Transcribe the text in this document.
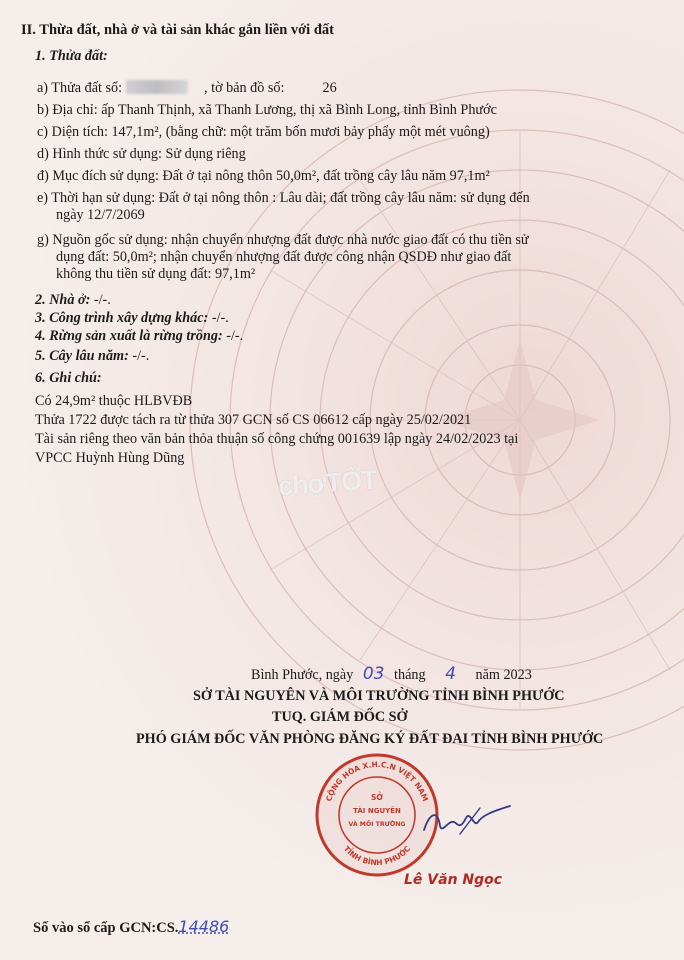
chợTỐT
II. Thừa đất, nhà ở và tài sản khác gắn liền với đất
1. Thửa đất:
a) Thửa đất số:	, tờ bản đồ số:	26
b) Địa chỉ: ấp Thanh Thịnh, xã Thanh Lương, thị xã Bình Long, tỉnh Bình Phước
c) Diện tích: 147,1m², (bằng chữ: một trăm bốn mươi bảy phẩy một mét vuông)
d) Hình thức sử dụng: Sử dụng riêng
đ) Mục đích sử dụng: Đất ở tại nông thôn 50,0m², đất trồng cây lâu năm 97,1m²
e) Thời hạn sử dụng: Đất ở tại nông thôn : Lâu dài; đất trồng cây lâu năm: sử dụng đến
ngày 12/7/2069
g) Nguồn gốc sử dụng: nhận chuyển nhượng đất được nhà nước giao đất có thu tiền sử
dụng đất: 50,0m²; nhận chuyển nhượng đất được công nhận QSDĐ như giao đất
không thu tiền sử dụng đất: 97,1m²
2. Nhà ở: -/-.
3. Công trình xây dựng khác: -/-.
4. Rừng sản xuất là rừng trồng: -/-.
5. Cây lâu năm: -/-.
6. Ghi chú:
Có 24,9m² thuộc HLBVĐB
Thửa 1722 được tách ra từ thửa 307 GCN số CS 06612 cấp ngày 25/02/2021
Tài sản riêng theo văn bản thỏa thuận số công chứng 001639 lập ngày 24/02/2023 tại
VPCC Huỳnh Hùng Dũng
Bình Phước, ngày 03 tháng 4 năm 2023
SỞ TÀI NGUYÊN VÀ MÔI TRƯỜNG TỈNH BÌNH PHƯỚC
TUQ. GIÁM ĐỐC SỞ
PHÓ GIÁM ĐỐC VĂN PHÒNG ĐĂNG KÝ ĐẤT ĐAI TỈNH BÌNH PHƯỚC
CỘNG HÒA X.H.C.N VIỆT NAM
TỈNH BÌNH PHƯỚC
SỞ
TÀI NGUYÊN
VÀ MÔI TRƯỜNG
Lê Văn Ngọc
Số vào sổ cấp GCN:CS.14486
